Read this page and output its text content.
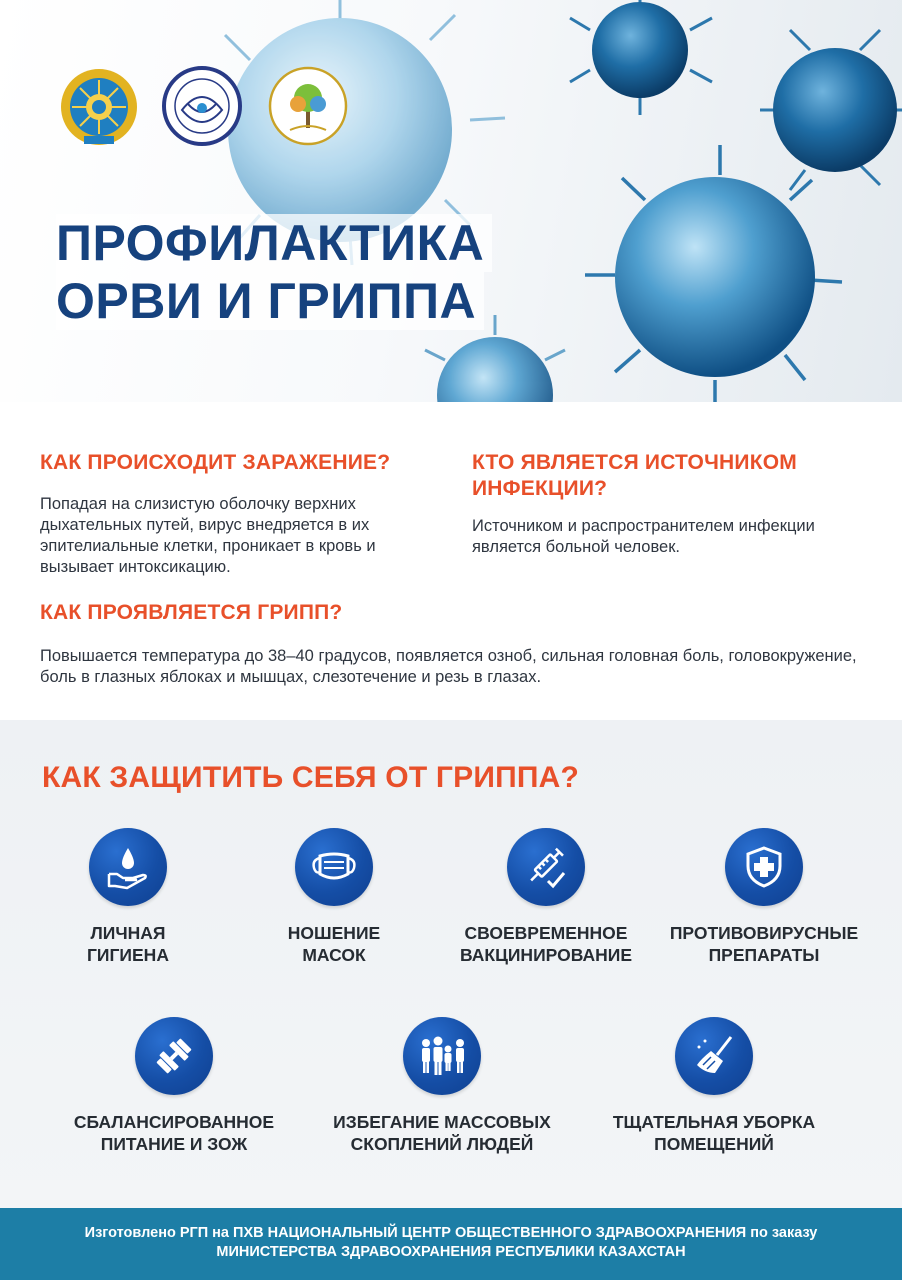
ПРОФИЛАКТИКА
ОРВИ И ГРИППА
КАК ПРОИСХОДИТ ЗАРАЖЕНИЕ?

Попадая на слизистую оболочку верхних дыхательных путей, вирус внедряется в их эпителиальные клетки, проникает в кровь и вызывает интоксикацию.

КТО ЯВЛЯЕТСЯ ИСТОЧНИКОМ ИНФЕКЦИИ?

Источником и распространителем инфекции является больной человек.

КАК ПРОЯВЛЯЕТСЯ ГРИПП?

Повышается температура до 38–40 градусов, появляется озноб, сильная головная боль, головокружение, боль в глазных яблоках и мышцах, слезотечение и резь в глазах.

КАК ЗАЩИТИТЬ СЕБЯ ОТ ГРИППА?
ЛИЧНАЯ ГИГИЕНА
НОШЕНИЕ МАСОК
СВОЕВРЕМЕННОЕ ВАКЦИНИРОВАНИЕ
ПРОТИВОВИРУСНЫЕ ПРЕПАРАТЫ
СБАЛАНСИРОВАННОЕ ПИТАНИЕ И ЗОЖ
ИЗБЕГАНИЕ МАССОВЫХ СКОПЛЕНИЙ ЛЮДЕЙ
ТЩАТЕЛЬНАЯ УБОРКА ПОМЕЩЕНИЙ
Изготовлено РГП на ПХВ НАЦИОНАЛЬНЫЙ ЦЕНТР ОБЩЕСТВЕННОГО ЗДРАВООХРАНЕНИЯ по заказу
МИНИСТЕРСТВА ЗДРАВООХРАНЕНИЯ РЕСПУБЛИКИ КАЗАХСТАН
